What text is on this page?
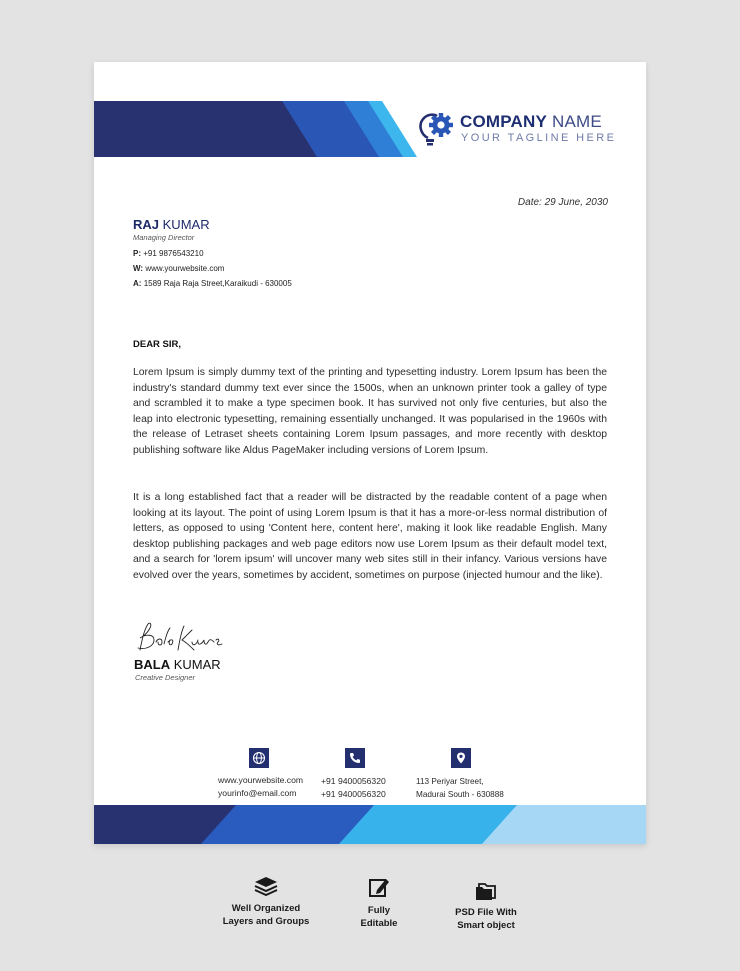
COMPANY NAME
YOUR TAGLINE HERE
Date: 29 June, 2030
RAJ KUMAR
Managing Director
P: +91 9876543210
W: www.yourwebsite.com
A: 1589 Raja Raja Street,Karaikudi - 630005
DEAR SIR,

Lorem Ipsum is simply dummy text of the printing and typesetting industry. Lorem Ipsum has been the industry's standard dummy text ever since the 1500s, when an unknown printer took a galley of type and scrambled it to make a type specimen book. It has survived not only five centuries, but also the leap into electronic typesetting, remaining essentially unchanged. It was popularised in the 1960s with the release of Letraset sheets containing Lorem Ipsum passages, and more recently with desktop publishing software like Aldus PageMaker including versions of Lorem Ipsum.

It is a long established fact that a reader will be distracted by the readable content of a page when looking at its layout. The point of using Lorem Ipsum is that it has a more-or-less normal distribution of letters, as opposed to using 'Content here, content here', making it look like readable English. Many desktop publishing packages and web page editors now use Lorem Ipsum as their default model text, and a search for 'lorem ipsum' will uncover many web sites still in their infancy. Various versions have evolved over the years, sometimes by accident, sometimes on purpose (injected humour and the like).

BALA KUMAR
Creative Designer
www.yourwebsite.com
yourinfo@email.com
+91 9400056320
+91 9400056320
113 Periyar Street,
Madurai South - 630888
Well Organized
Layers and Groups
Fully
Editable
PSD File With
Smart object
